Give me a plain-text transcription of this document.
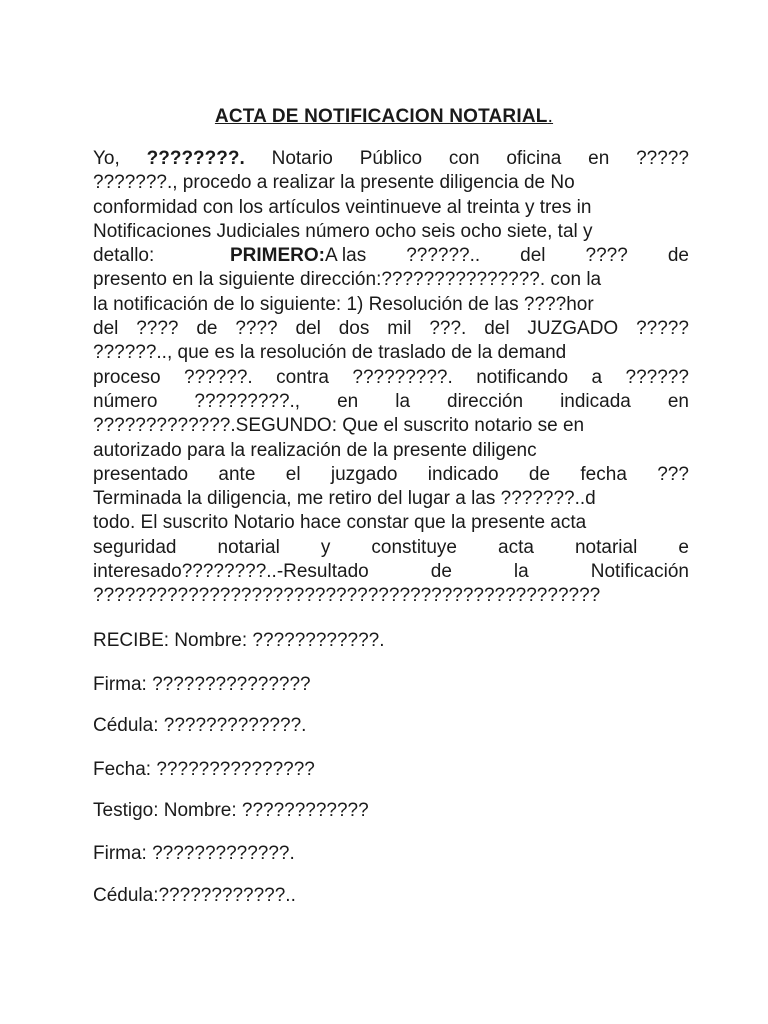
ACTA DE NOTIFICACION NOTARIAL.
Yo, ????????. Notario Público con oficina en ?????
???????., procedo a realizar la presente diligencia de No
conformidad con los artículos veintinueve al treinta y tres in
Notificaciones Judiciales número ocho seis ocho siete, tal y
detallo:	PRIMERO:A las ??????.. del ???? de
presento en la siguiente dirección:???????????????. con la
la notificación de lo siguiente: 1) Resolución de las ????hor
del ???? de ???? del dos mil ???. del JUZGADO ?????
??????.., que es la resolución de traslado de la demand
proceso ??????. contra ?????????. notificando a ??????
número ?????????., en la dirección indicada en
?????????????.SEGUNDO: Que el suscrito notario se en
autorizado para la realización de la presente diligenc
presentado ante el juzgado indicado de fecha ???
Terminada la diligencia, me retiro del lugar a las ???????..d
todo. El suscrito Notario hace constar que la presente acta
seguridad notarial y constituye acta notarial e
interesado????????..-Resultado	de	la	Notificación
????????????????????????????????????????????????
RECIBE: Nombre: ????????????.
Firma: ???????????????
Cédula: ?????????????.
Fecha: ???????????????
Testigo: Nombre: ????????????
Firma: ?????????????.
Cédula:????????????..
